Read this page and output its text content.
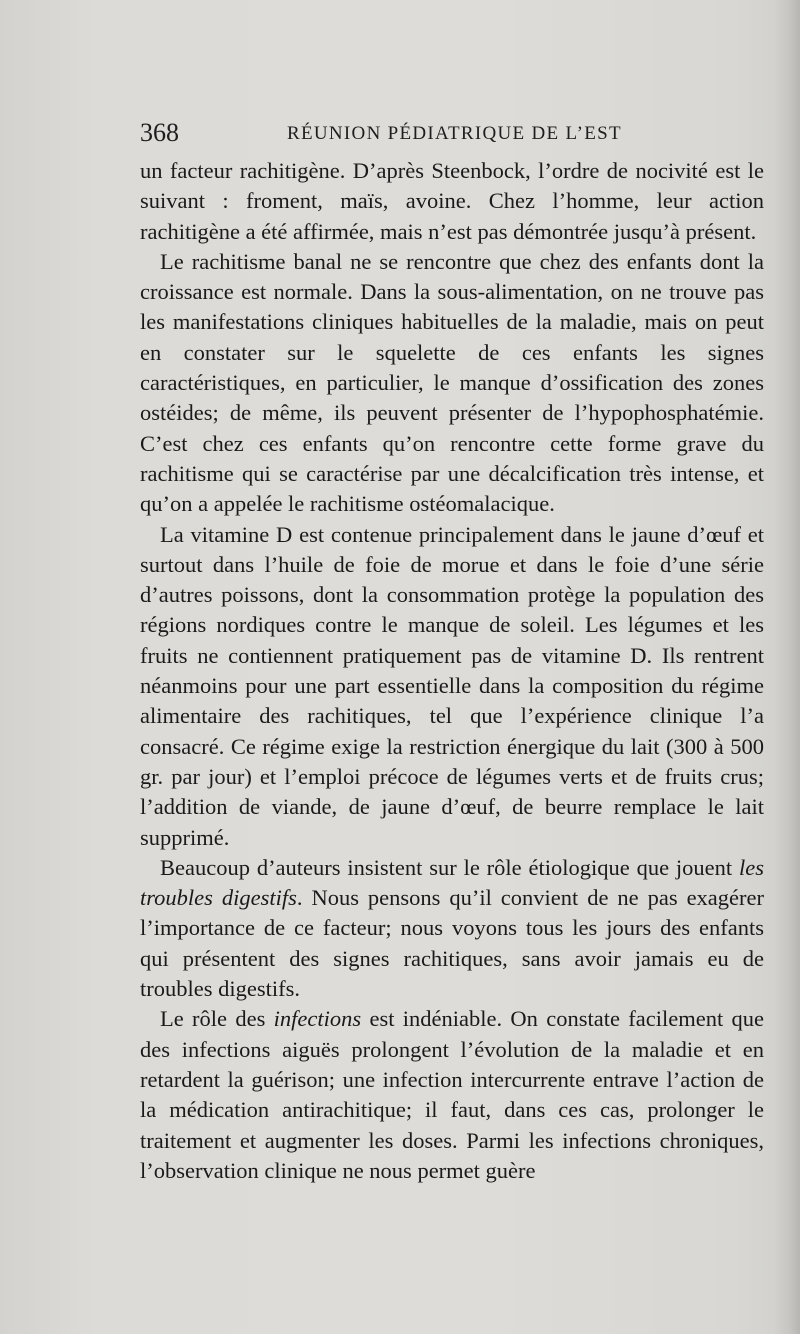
368	RÉUNION PÉDIATRIQUE DE L’EST

un facteur rachitigène. D’après Steenbock, l’ordre de nocivité est le suivant : froment, maïs, avoine. Chez l’homme, leur action rachitigène a été affirmée, mais n’est pas démontrée jusqu’à présent.

Le rachitisme banal ne se rencontre que chez des enfants dont la croissance est normale. Dans la sous-alimentation, on ne trouve pas les manifestations cliniques habituelles de la maladie, mais on peut en constater sur le squelette de ces enfants les signes caractéristiques, en particulier, le manque d’ossification des zones ostéides; de même, ils peuvent présenter de l’hypophosphatémie. C’est chez ces enfants qu’on rencontre cette forme grave du rachitisme qui se caractérise par une décalcification très intense, et qu’on a appelée le rachitisme ostéomalacique.

La vitamine D est contenue principalement dans le jaune d’œuf et surtout dans l’huile de foie de morue et dans le foie d’une série d’autres poissons, dont la consommation protège la population des régions nordiques contre le manque de soleil. Les légumes et les fruits ne contiennent pratiquement pas de vitamine D. Ils rentrent néanmoins pour une part essentielle dans la composition du régime alimentaire des rachitiques, tel que l’expérience clinique l’a consacré. Ce régime exige la restriction énergique du lait (300 à 500 gr. par jour) et l’emploi précoce de légumes verts et de fruits crus; l’addition de viande, de jaune d’œuf, de beurre remplace le lait supprimé.

Beaucoup d’auteurs insistent sur le rôle étiologique que jouent les troubles digestifs. Nous pensons qu’il convient de ne pas exagérer l’importance de ce facteur; nous voyons tous les jours des enfants qui présentent des signes rachitiques, sans avoir jamais eu de troubles digestifs.

Le rôle des infections est indéniable. On constate facilement que des infections aiguës prolongent l’évolution de la maladie et en retardent la guérison; une infection intercurrente entrave l’action de la médication antirachitique; il faut, dans ces cas, prolonger le traitement et augmenter les doses. Parmi les infections chroniques, l’observation clinique ne nous permet guère
